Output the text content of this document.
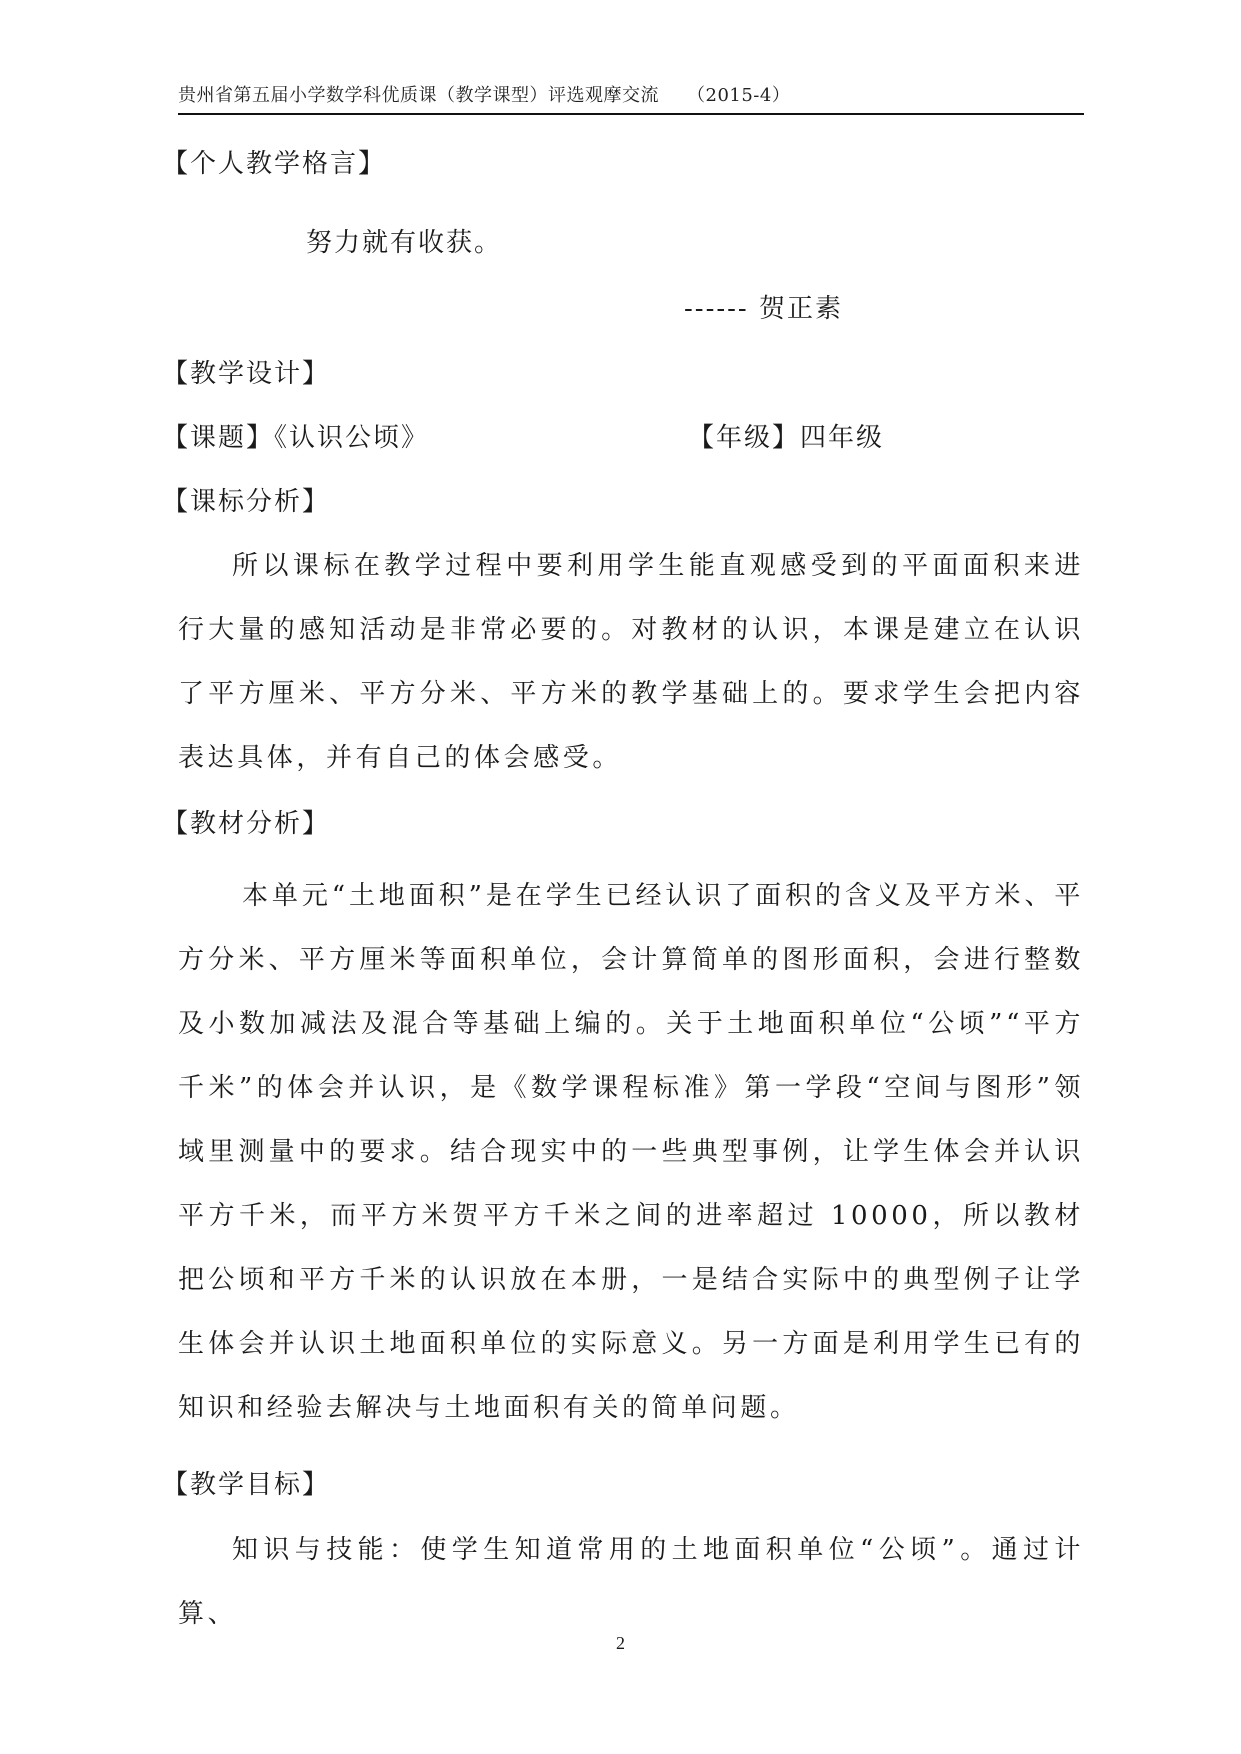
贵州省第五届小学数学科优质课（教学课型）评选观摩交流 （2015-4）
【个人教学格言】
努力就有收获。
------ 贺正素
【教学设计】
【课题】《认识公顷》	【年级】四年级
【课标分析】
所以课标在教学过程中要利用学生能直观感受到的平面面积来进行大量的感知活动是非常必要的。对教材的认识，本课是建立在认识了平方厘米、平方分米、平方米的教学基础上的。要求学生会把内容表达具体，并有自己的体会感受。
【教材分析】
本单元“土地面积”是在学生已经认识了面积的含义及平方米、平方分米、平方厘米等面积单位，会计算简单的图形面积，会进行整数及小数加减法及混合等基础上编的。关于土地面积单位“公顷”“平方千米”的体会并认识，是《数学课程标准》第一学段“空间与图形”领域里测量中的要求。结合现实中的一些典型事例，让学生体会并认识平方千米，而平方米贺平方千米之间的进率超过 10000，所以教材把公顷和平方千米的认识放在本册，一是结合实际中的典型例子让学生体会并认识土地面积单位的实际意义。另一方面是利用学生已有的知识和经验去解决与土地面积有关的简单问题。
【教学目标】
知识与技能：使学生知道常用的土地面积单位“公顷”。通过计算、
2
